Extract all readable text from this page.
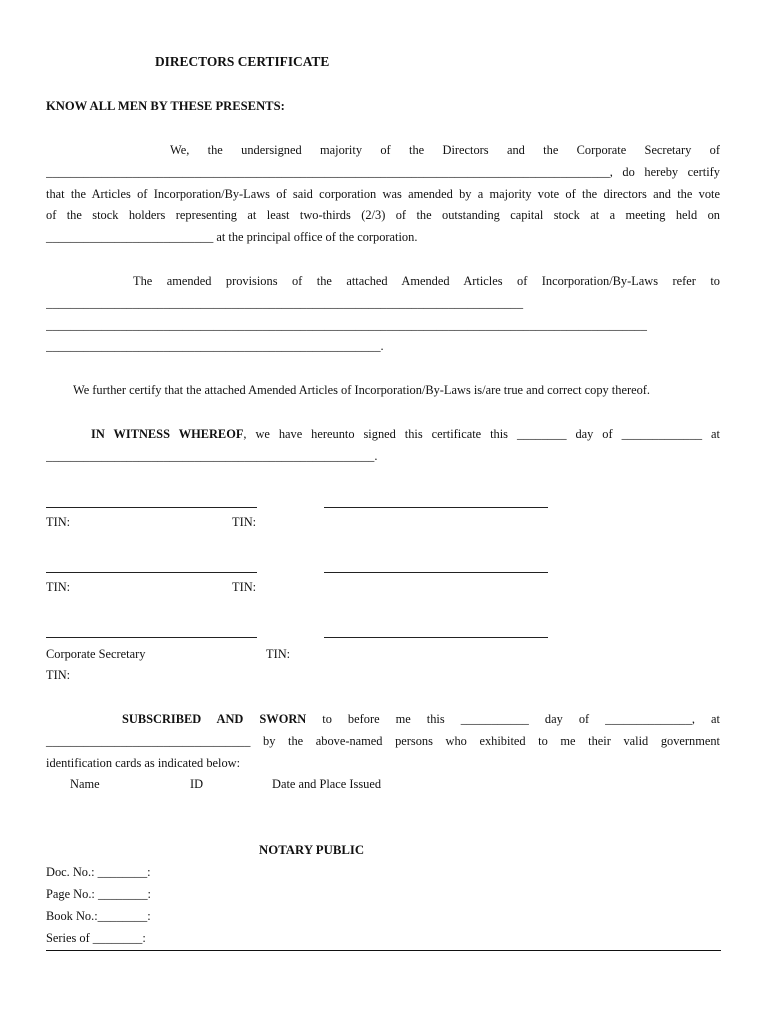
DIRECTORS CERTIFICATE
KNOW ALL MEN BY THESE PRESENTS:
We, the undersigned majority of the Directors and the Corporate Secretary of
___________________________________________________________________________________________, do hereby certify
that the Articles of Incorporation/By-Laws of said corporation was amended by a majority vote of the directors and the vote
of the stock holders representing at least two-thirds (2/3) of the outstanding capital stock at a meeting held on
___________________________ at the principal office of the corporation.
The amended provisions of the attached Amended Articles of Incorporation/By-Laws refer to
_____________________________________________________________________________
_________________________________________________________________________________________________
______________________________________________________.
We further certify that the attached Amended Articles of Incorporation/By-Laws is/are true and correct copy thereof.
IN WITNESS WHEREOF, we have hereunto signed this certificate this ________ day of _____________ at
_____________________________________________________.
TIN:	TIN:
TIN:	TIN:
Corporate Secretary	TIN:
TIN:
SUBSCRIBED AND SWORN to before me this ___________ day of ______________, at
_________________________________ by the above-named persons who exhibited to me their valid government
identification cards as indicated below:
Name	ID	Date and Place Issued
NOTARY PUBLIC
Doc. No.: ________:
Page No.: ________:
Book No.:________:
Series of ________:
